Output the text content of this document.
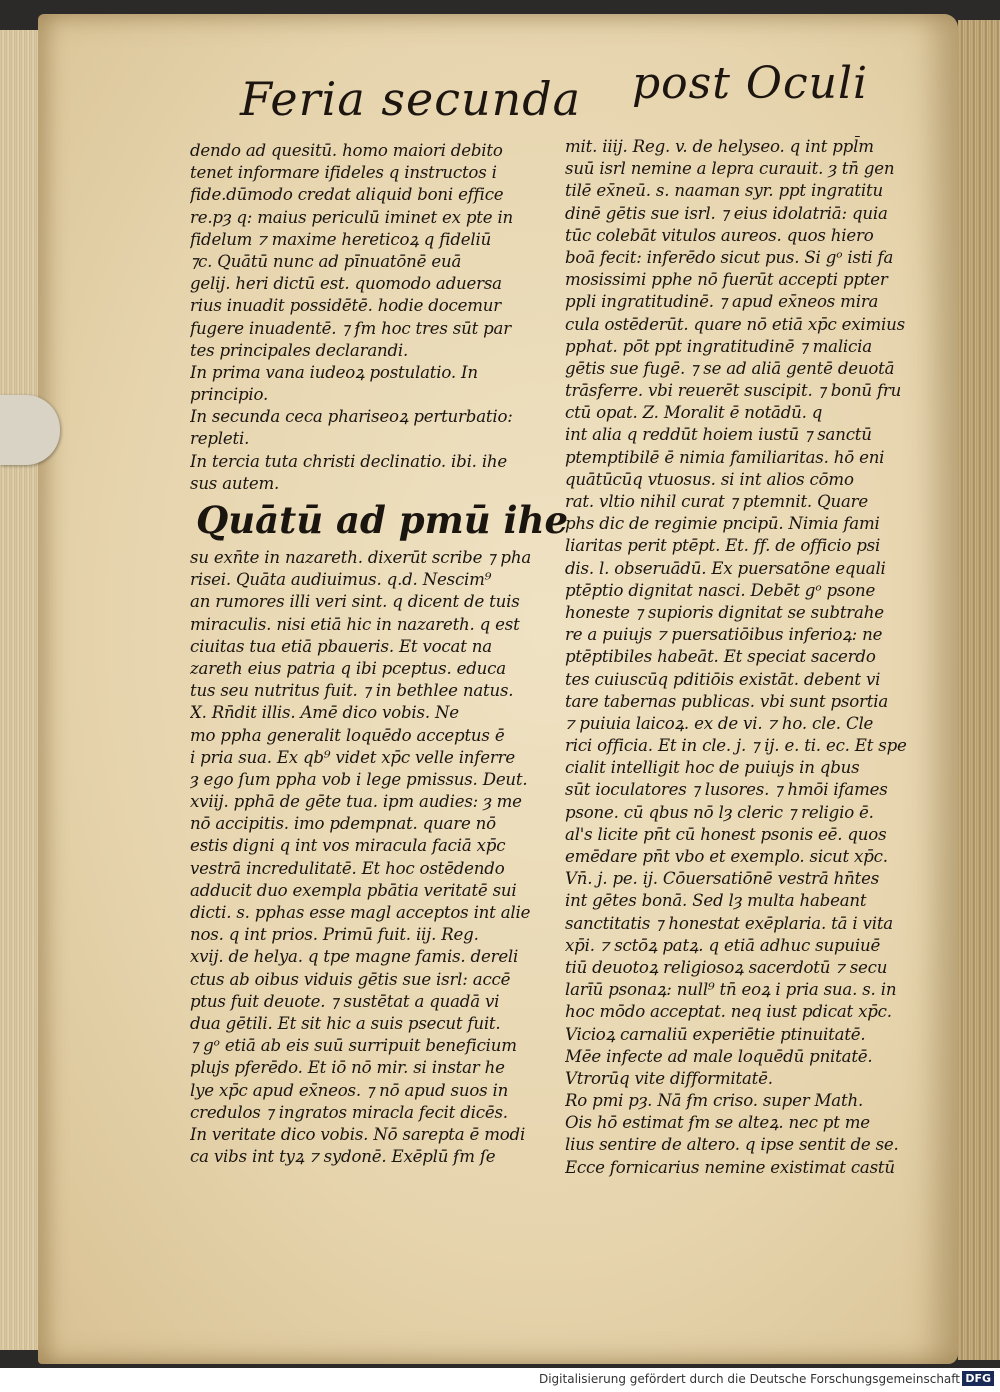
Feria secunda post Oculi
dendo ad quesitū. homo maiori debito
tenet informare ifideles q instructos i
fide.dūmodo credat aliquid boni effice
re.pȝ q: maius periculū iminet ex pte in
fidelum ⁊ maxime hereticoꝝ q fideliū
⁊c. Quātū nunc ad pīnuatōnē euā
gelij. heri dictū est. quomodo aduersa
rius inuadit possidētē. hodie docemur
fugere inuadentē. ⁊ ẜm hoc tres sūt par
tes principales declarandi.
In prima vana iudeoꝝ postulatio. In
principio.
In secunda ceca phariseoꝝ perturbatio:
repleti.
In tercia tuta christi declinatio. ibi. ihe
sus autem.
Quātū ad pmū ihe
su exn̄te in nazareth. dixerūt scribe ⁊ pha
risei. Quāta audiuimus. q.d. Nescim⁹
an rumores illi veri sint. q dicent de tuis
miraculis. nisi etiā hic in nazareth. q est
ciuitas tua etiā pbaueris. Et vocat na
zareth eius patria q ibi pceptus. educa
tus seu nutritus fuit. ⁊ in bethlee natus.
X. Rn̄dit illis. Amē dico vobis. Ne
mo ppha generalit loquēdo acceptus ē
i pria sua. Ex qb⁹ videt xp̄c velle inferre
ȝ ego ſum ppha vob i lege pmissus. Deut.
xviij. pphā de gēte tua. ipm audies: ȝ me
nō accipitis. imo pdempnat. quare nō
estis digni q int vos miracula faciā xp̄c
vestrā incredulitatē. Et hoc ostēdendo
adducit duo exempla pbātia veritatē sui
dicti. s. pphas esse magl acceptos int alie
nos. q int prios. Primū fuit. iij. Reg.
xvij. de helya. q tpe magne famis. dereli
ctus ab oibus viduis gētis sue isrl: accē
ptus fuit deuote. ⁊ sustētat a quadā vi
dua gētili. Et sit hic a suis psecut fuit.
⁊ gᵒ etiā ab eis suū surripuit beneficium
plujs pferēdo. Et iō nō mir. si instar he
lye xp̄c apud ex̄neos. ⁊ nō apud suos in
credulos ⁊ ingratos miracla fecit dicēs.
In veritate dico vobis. Nō sarepta ē modi
ca vibs int tyꝝ ⁊ sydonē. Exēplū ẜm ſe
mit. iiij. Reg. v. de helyseo. q int ppl̄m
suū isrl nemine a lepra curauit. ȝ tn̄ gen
tilē ex̄neū. s. naaman syr. ppt ingratitu
dinē gētis sue isrl. ⁊ eius idolatriā: quia
tūc colebāt vitulos aureos. quos hiero
boā fecit: inferēdo sicut pus. Si gᵒ isti fa
mosissimi pphe nō fuerūt accepti ppter
ppli ingratitudinē. ⁊ apud ex̄neos mira
cula ostēderūt. quare nō etiā xp̄c eximius
pphat. pōt ppt ingratitudinē ⁊ malicia
gētis sue fugē. ⁊ se ad aliā gentē deuotā
trāsferre. vbi reuerēt suscipit. ⁊ bonū fru
ctū opat. Z. Moralit ē notādū. q
int alia q reddūt hoiem iustū ⁊ sanctū
ptemptibilē ē nimia familiaritas. hō eni
quātūcūq vtuosus. si int alios cōmo
rat. vltio nihil curat ⁊ ptemnit. Quare
phs dic de regimie pncipū. Nimia fami
liaritas perit ptēpt. Et. ff. de officio psi
dis. l. obseruādū. Ex puersatōne equali
ptēptio dignitat nasci. Debēt gᵒ psone
honeste ⁊ supioris dignitat se subtrahe
re a puiujs ⁊ puersatiōibus inferioꝝ: ne
ptēptibiles habeāt. Et speciat sacerdo
tes cuiuscūq pditiōis existāt. debent vi
tare tabernas publicas. vbi sunt psortia
⁊ puiuia laicoꝝ. ex de vi. ⁊ ho. cle. Cle
rici officia. Et in cle. j. ⁊ ij. e. ti. ec. Et spe
cialit intelligit hoc de puiujs in qbus
sūt ioculatores ⁊ lusores. ⁊ hmōi ifames
psone. cū qbus nō lȝ cleric ⁊ religio ē.
al's licite pn̄t cū honest psonis eē. quos
emēdare pn̄t vbo et exemplo. sicut xp̄c.
Vn̄. j. pe. ij. Cōuersatiōnē vestrā hn̄tes
int gētes bonā. Sed lȝ multa habeant
sanctitatis ⁊ honestat exēplaria. tā i vita
xp̄i. ⁊ sctōꝝ patꝝ. q etiā adhuc supuiuē
tiū deuotoꝝ religiosoꝝ sacerdotū ⁊ secu
larīū psonaꝝ: null⁹ tn̄ eoꝝ i pria sua. s. in
hoc mōdo acceptat. neq iust pdicat xp̄c.
Vicioꝝ carnaliū experiētie ptinuitatē.
Mēe infecte ad male loquēdū pnitatē.
Vtrorūq vite difformitatē.
Ro pmi pȝ. Nā ẜm criso. super Math.
Ois hō estimat ẜm se alteꝝ. nec pt me
lius sentire de altero. q ipse sentit de se.
Ecce fornicarius nemine existimat castū
Digitalisierung gefördert durch die Deutsche Forschungsgemeinschaft DFG
